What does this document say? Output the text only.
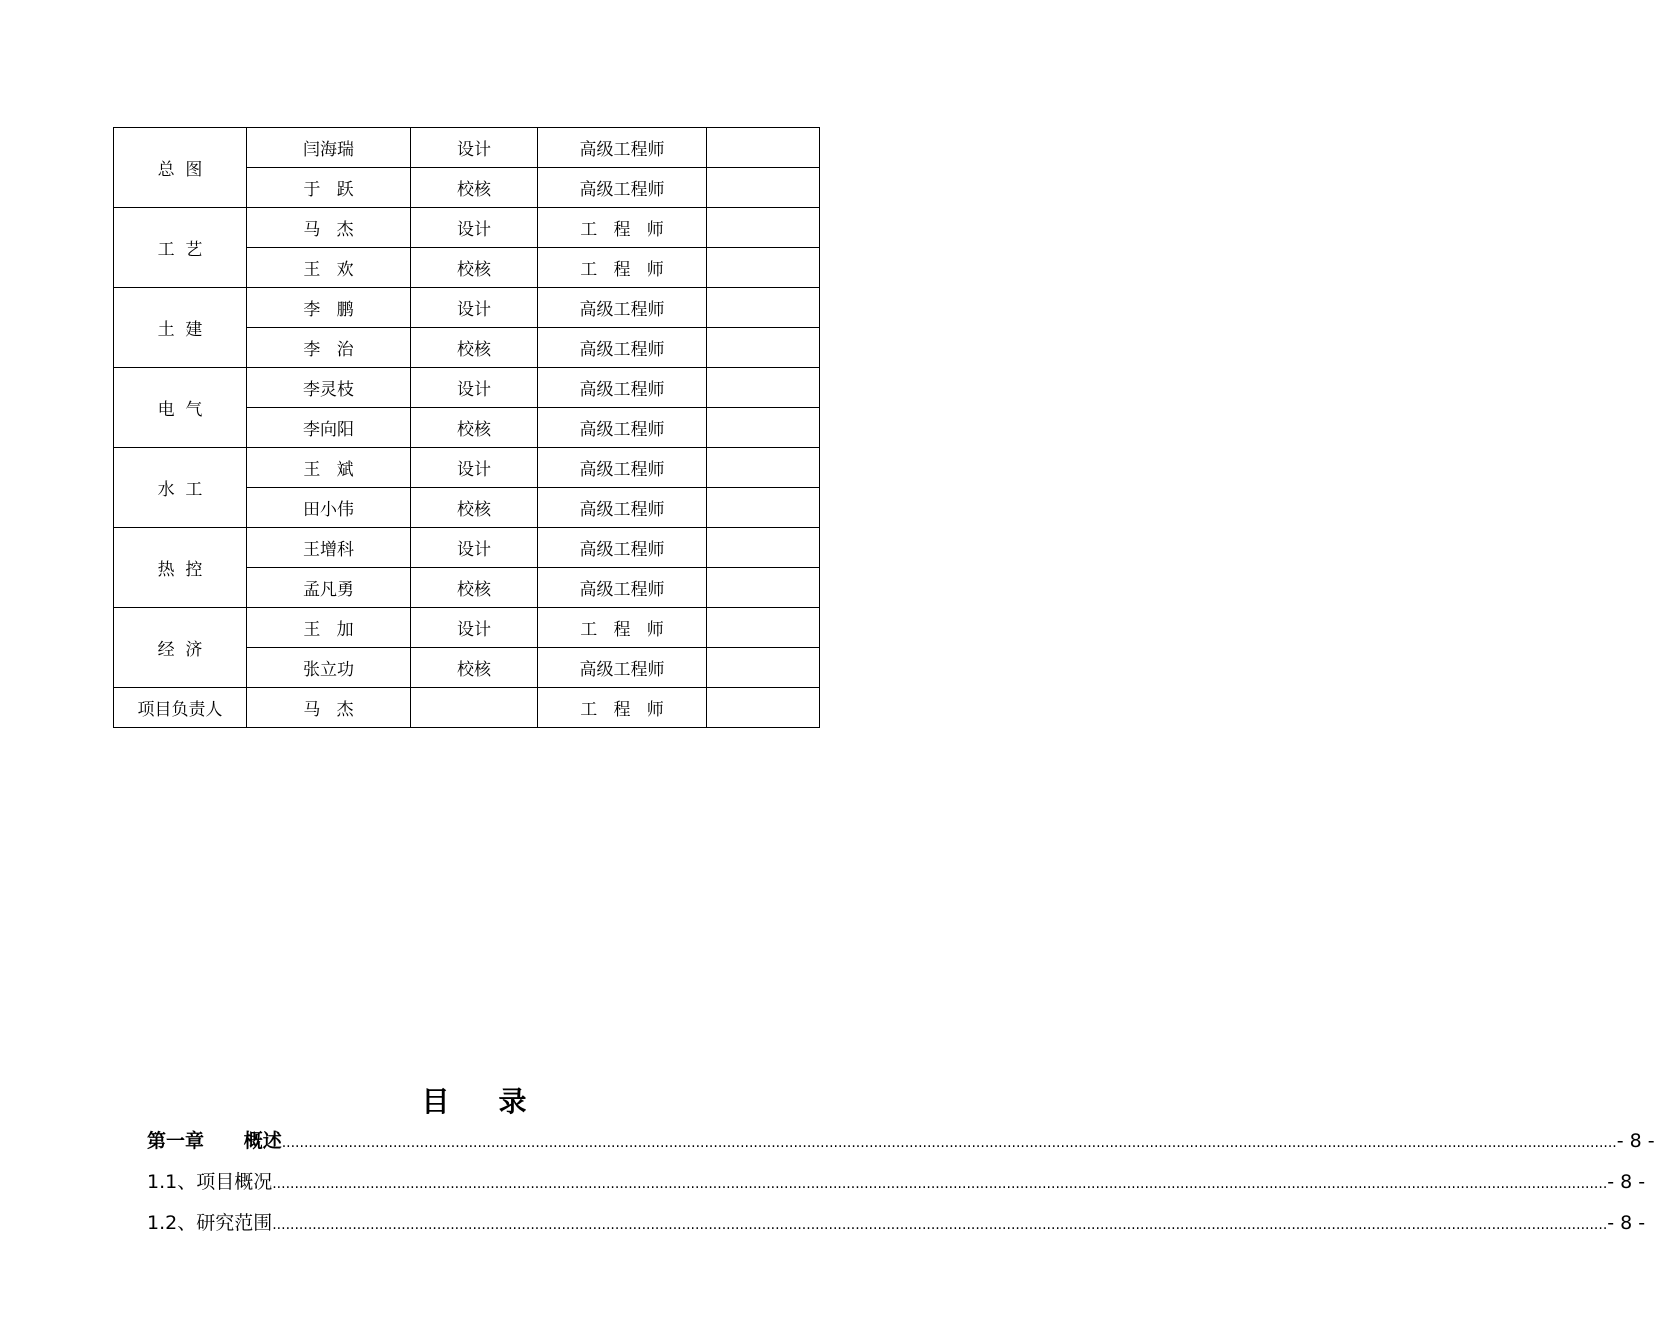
总  图	闫海瑞	设计	高级工程师	
	于   跃	校核	高级工程师	
工  艺	马   杰	设计	工   程   师	
	王   欢	校核	工   程   师	
土  建	李   鹏	设计	高级工程师	
	李   治	校核	高级工程师	
电  气	李灵枝	设计	高级工程师	
	李向阳	校核	高级工程师	
水  工	王   斌	设计	高级工程师	
	田小伟	校核	高级工程师	
热  控	王增科	设计	高级工程师	
	孟凡勇	校核	高级工程师	
经  济	王   加	设计	工   程   师	
	张立功	校核	高级工程师	
项目负责人	马   杰		工   程   师	
目    录
第一章      概述 ............................................................................................................................................................................................................................................................................................................ - 8 -
1.1、项目概况 ............................................................................................................................................................................................................................................................................................................ - 8 -
1.2、研究范围 ............................................................................................................................................................................................................................................................................................................ - 8 -
